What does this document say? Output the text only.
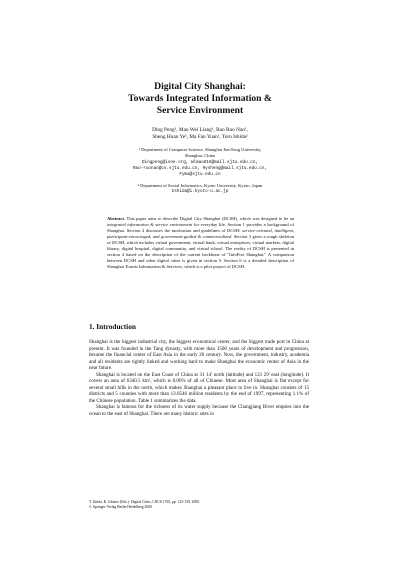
Digital City Shanghai:
Towards Integrated Information &
Service Environment
Ding Peng¹, Mao Wei Liang¹, Rao Ruo Nan¹,
Sheng Huan Ye¹, Ma Fan Yuan¹, Toru Ishida²
¹ Department of Computer Science, Shanghai JiaoTong University,
Shanghai, China
Dingpeng@isee.org, Wlmao816@mail.sjtu.edu.cn,
Rao-ruonan@cs.sjtu.edu.cn, Hysheng@mail.sjtu.edu.cn,
Fyma@sjtu.edu.cn
² Department of Social Informatics, Kyoto University, Kyoto, Japan
Ishida@i.kyoto-u.ac.jp
Abstract. This paper aims to describe Digital City Shanghai (DCSH), which was designed to be an integrated information & service environment for everyday life. Section 1 provides a background of Shanghai. Section 2 discusses the motivation and guidelines of DCSH: service-oriented, intelligent, participant-encouraged, and government-guided & commercialized. Section 3 gives a rough skeleton of DCSH, which includes virtual government, virtual bank, virtual enterprises, virtual markets, digital library, digital hospital, digital community, and virtual school. The reality of DCSH is presented in section 4 based on the description of the current backbone of "InfoPort Shanghai." A comparison between DCSH and other digital cities is given in section 5. Section 6 is a detailed description of Shanghai Tourist Information & Services, which is a pilot project of DCSH.
1. Introduction

Shanghai is the biggest industrial city, the biggest economical center, and the biggest trade port in China at present. It was founded in the Tang dynasty, with more than 1500 years of development and progression, became the financial center of East Asia in the early 20 century. Now, the government, industry, academia and all residents are tightly linked and working hard to make Shanghai the economic center of Asia in the near future.

Shanghai is located on the East Coast of China at 31 14' north (latitude) and 121 29' east (longitude). It covers an area of 6340.5 km², which is 0.06% of all of Chinese. Most area of Shanghai is flat except for several small hills in the north, which makes Shanghai a pleasant place to live in. Shanghai consists of 15 districts and 5 counties with more than 13.0546 million residents by the end of 1997, representing 1.1% of the Chinese population. Table 1 summarizes the data.

Shanghai is famous for the richness of its water supply because the Changjiang River empties into the ocean to the east of Shanghai. There are many historic sites in

T. Ishida, K. Isbister (Eds.): Digital Cities, LNCS 1765, pp. 125-139, 2000.
© Springer-Verlag Berlin Heidelberg 2000
